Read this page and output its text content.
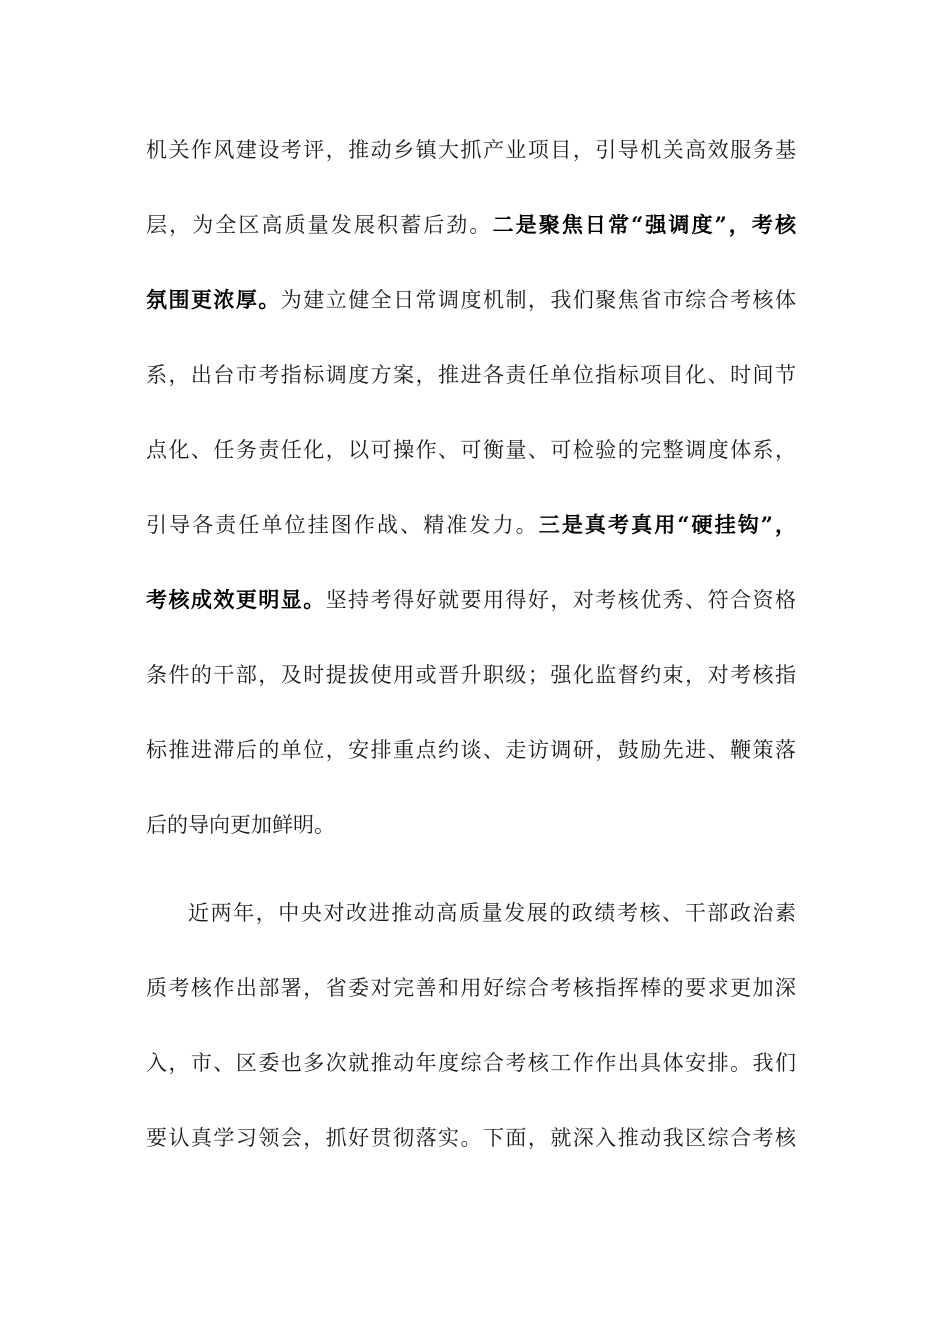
机关作风建设考评，推动乡镇大抓产业项目，引导机关高效服务基
层，为全区高质量发展积蓄后劲。二是聚焦日常“强调度”，考核
氛围更浓厚。为建立健全日常调度机制，我们聚焦省市综合考核体
系，出台市考指标调度方案，推进各责任单位指标项目化、时间节
点化、任务责任化，以可操作、可衡量、可检验的完整调度体系，
引导各责任单位挂图作战、精准发力。三是真考真用“硬挂钩”，
考核成效更明显。坚持考得好就要用得好，对考核优秀、符合资格
条件的干部，及时提拔使用或晋升职级；强化监督约束，对考核指
标推进滞后的单位，安排重点约谈、走访调研，鼓励先进、鞭策落
后的导向更加鲜明。
近两年，中央对改进推动高质量发展的政绩考核、干部政治素
质考核作出部署，省委对完善和用好综合考核指挥棒的要求更加深
入，市、区委也多次就推动年度综合考核工作作出具体安排。我们
要认真学习领会，抓好贯彻落实。下面，就深入推动我区综合考核
